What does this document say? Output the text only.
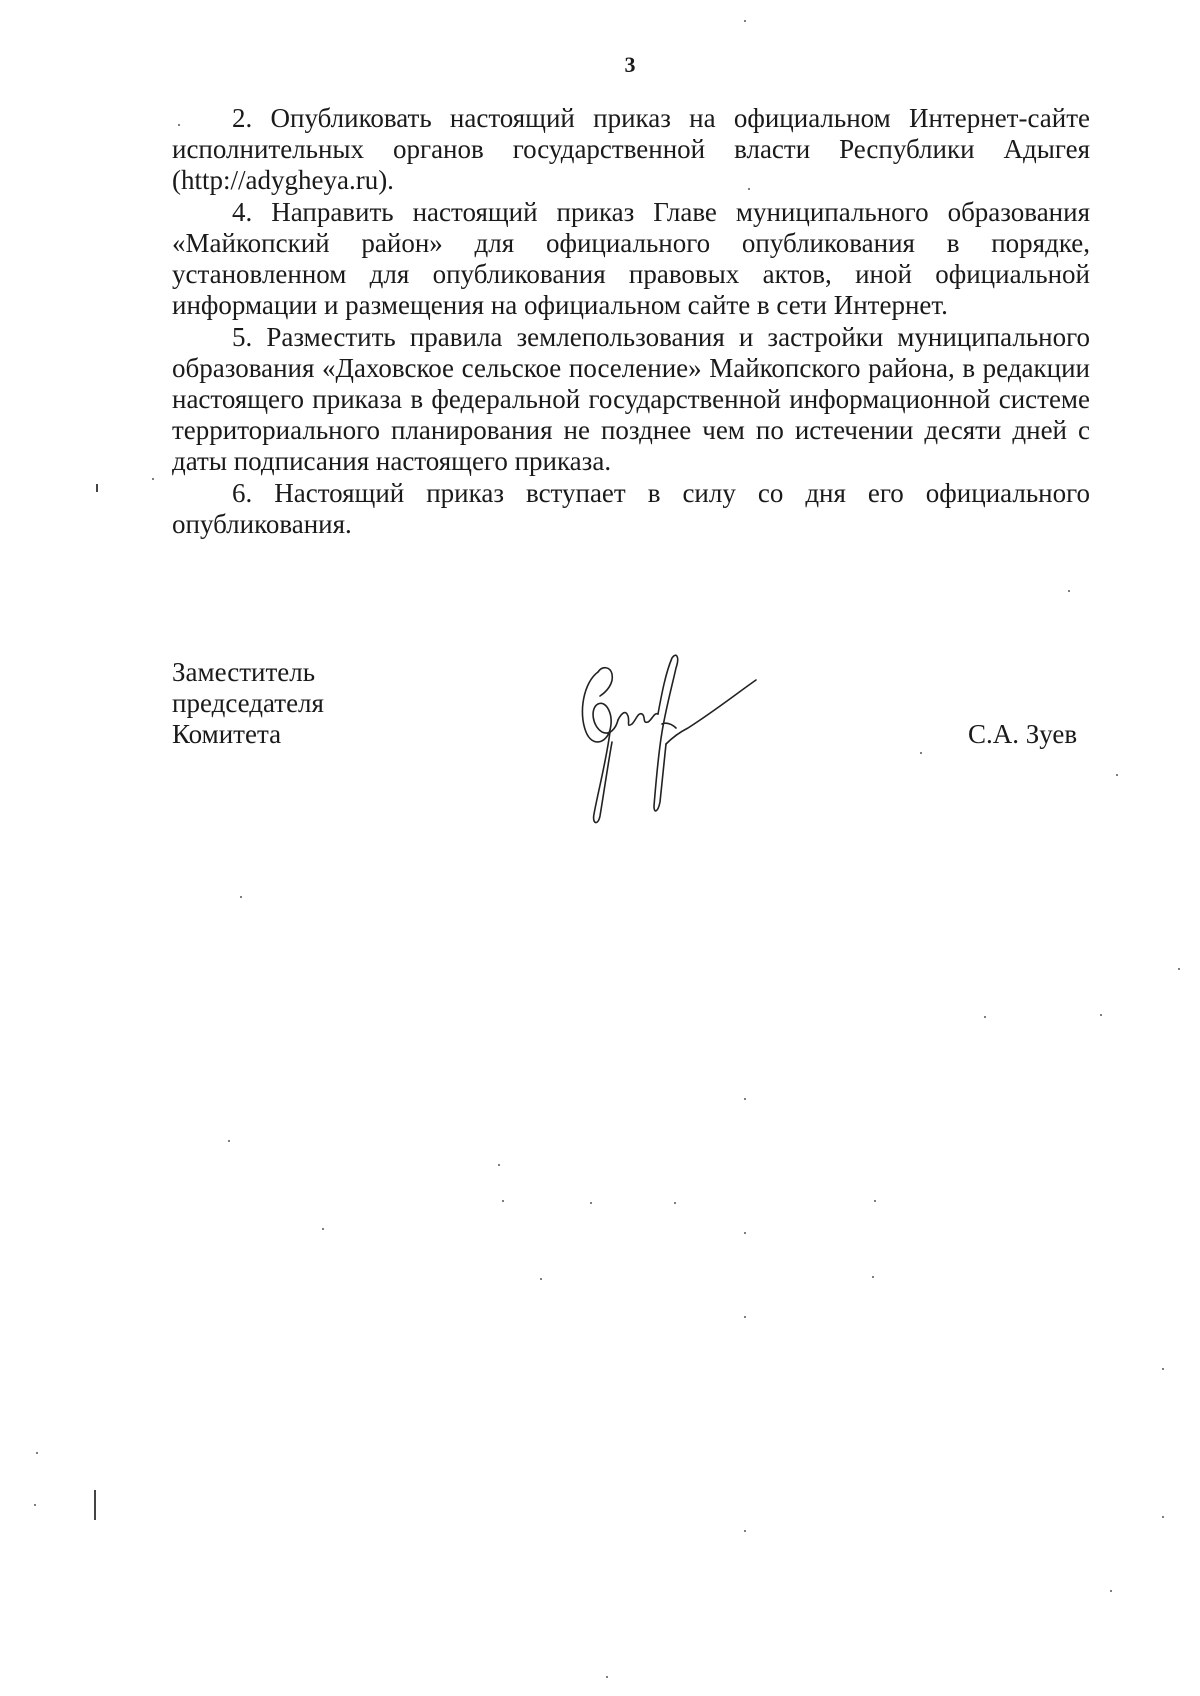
3

2. Опубликовать настоящий приказ на официальном Интернет-сайте исполнительных органов государственной власти Республики Адыгея (http://adygheya.ru).

4. Направить настоящий приказ Главе муниципального образования «Майкопский район» для официального опубликования в порядке, установленном для опубликования правовых актов, иной официальной информации и размещения на официальном сайте в сети Интернет.

5. Разместить правила землепользования и застройки муниципального образования «Даховское сельское поселение» Майкопского района, в редакции настоящего приказа в федеральной государственной информационной системе территориального планирования не позднее чем по истечении десяти дней с даты подписания настоящего приказа.

6. Настоящий приказ вступает в силу со дня его официального опубликования.

Заместитель
председателя
Комитета	С.А. Зуев
